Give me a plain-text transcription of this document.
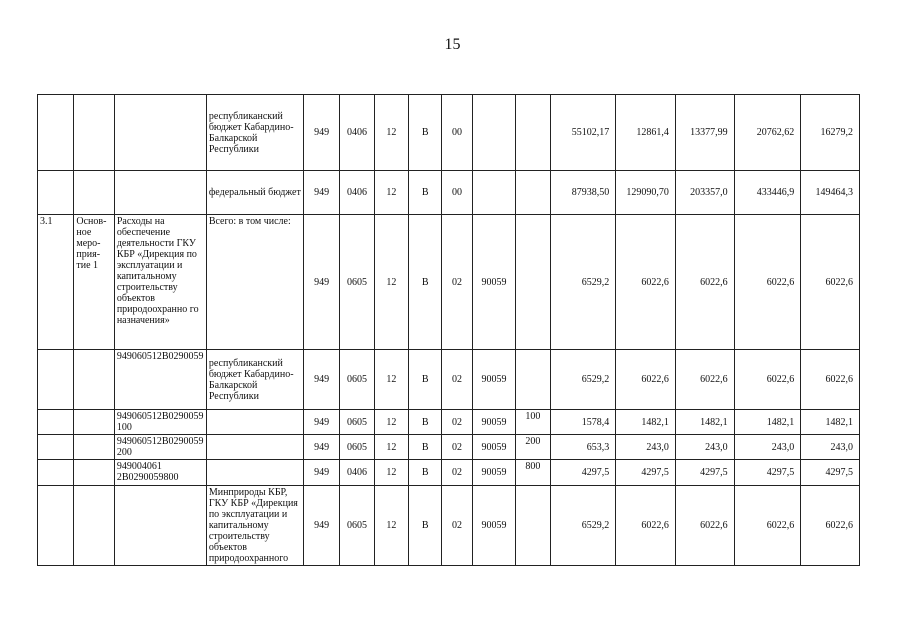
15
			республиканский бюджет Кабардино-Балкарской Республики	949	0406	12	В	00			55102,17	12861,4	13377,99	20762,62	16279,2
			федеральный бюджет	949	0406	12	В	00			87938,50	129090,70	203357,0	433446,9	149464,3
3.1	Основ-ное меро-прия-тие 1	Расходы на обеспечение деятельности ГКУ КБР «Дирекция по эксплуатации и капитальному строительству объектов природоохранно го назначения»	Всего: в том числе:	949	0605	12	В	02	90059		6529,2	6022,6	6022,6	6022,6	6022,6
		949060512B0290059	республиканский бюджет Кабардино-Балкарской Республики	949	0605	12	В	02	90059		6529,2	6022,6	6022,6	6022,6	6022,6
		949060512B0290059100		949	0605	12	В	02	90059	100	1578,4	1482,1	1482,1	1482,1	1482,1
		949060512B0290059200		949	0605	12	В	02	90059	200	653,3	243,0	243,0	243,0	243,0
		949004061 2B0290059800		949	0406	12	В	02	90059	800	4297,5	4297,5	4297,5	4297,5	4297,5
			Минприроды КБР, ГКУ КБР «Дирекция по эксплуатации и капитальному строительству объектов природоохранного	949	0605	12	В	02	90059		6529,2	6022,6	6022,6	6022,6	6022,6
